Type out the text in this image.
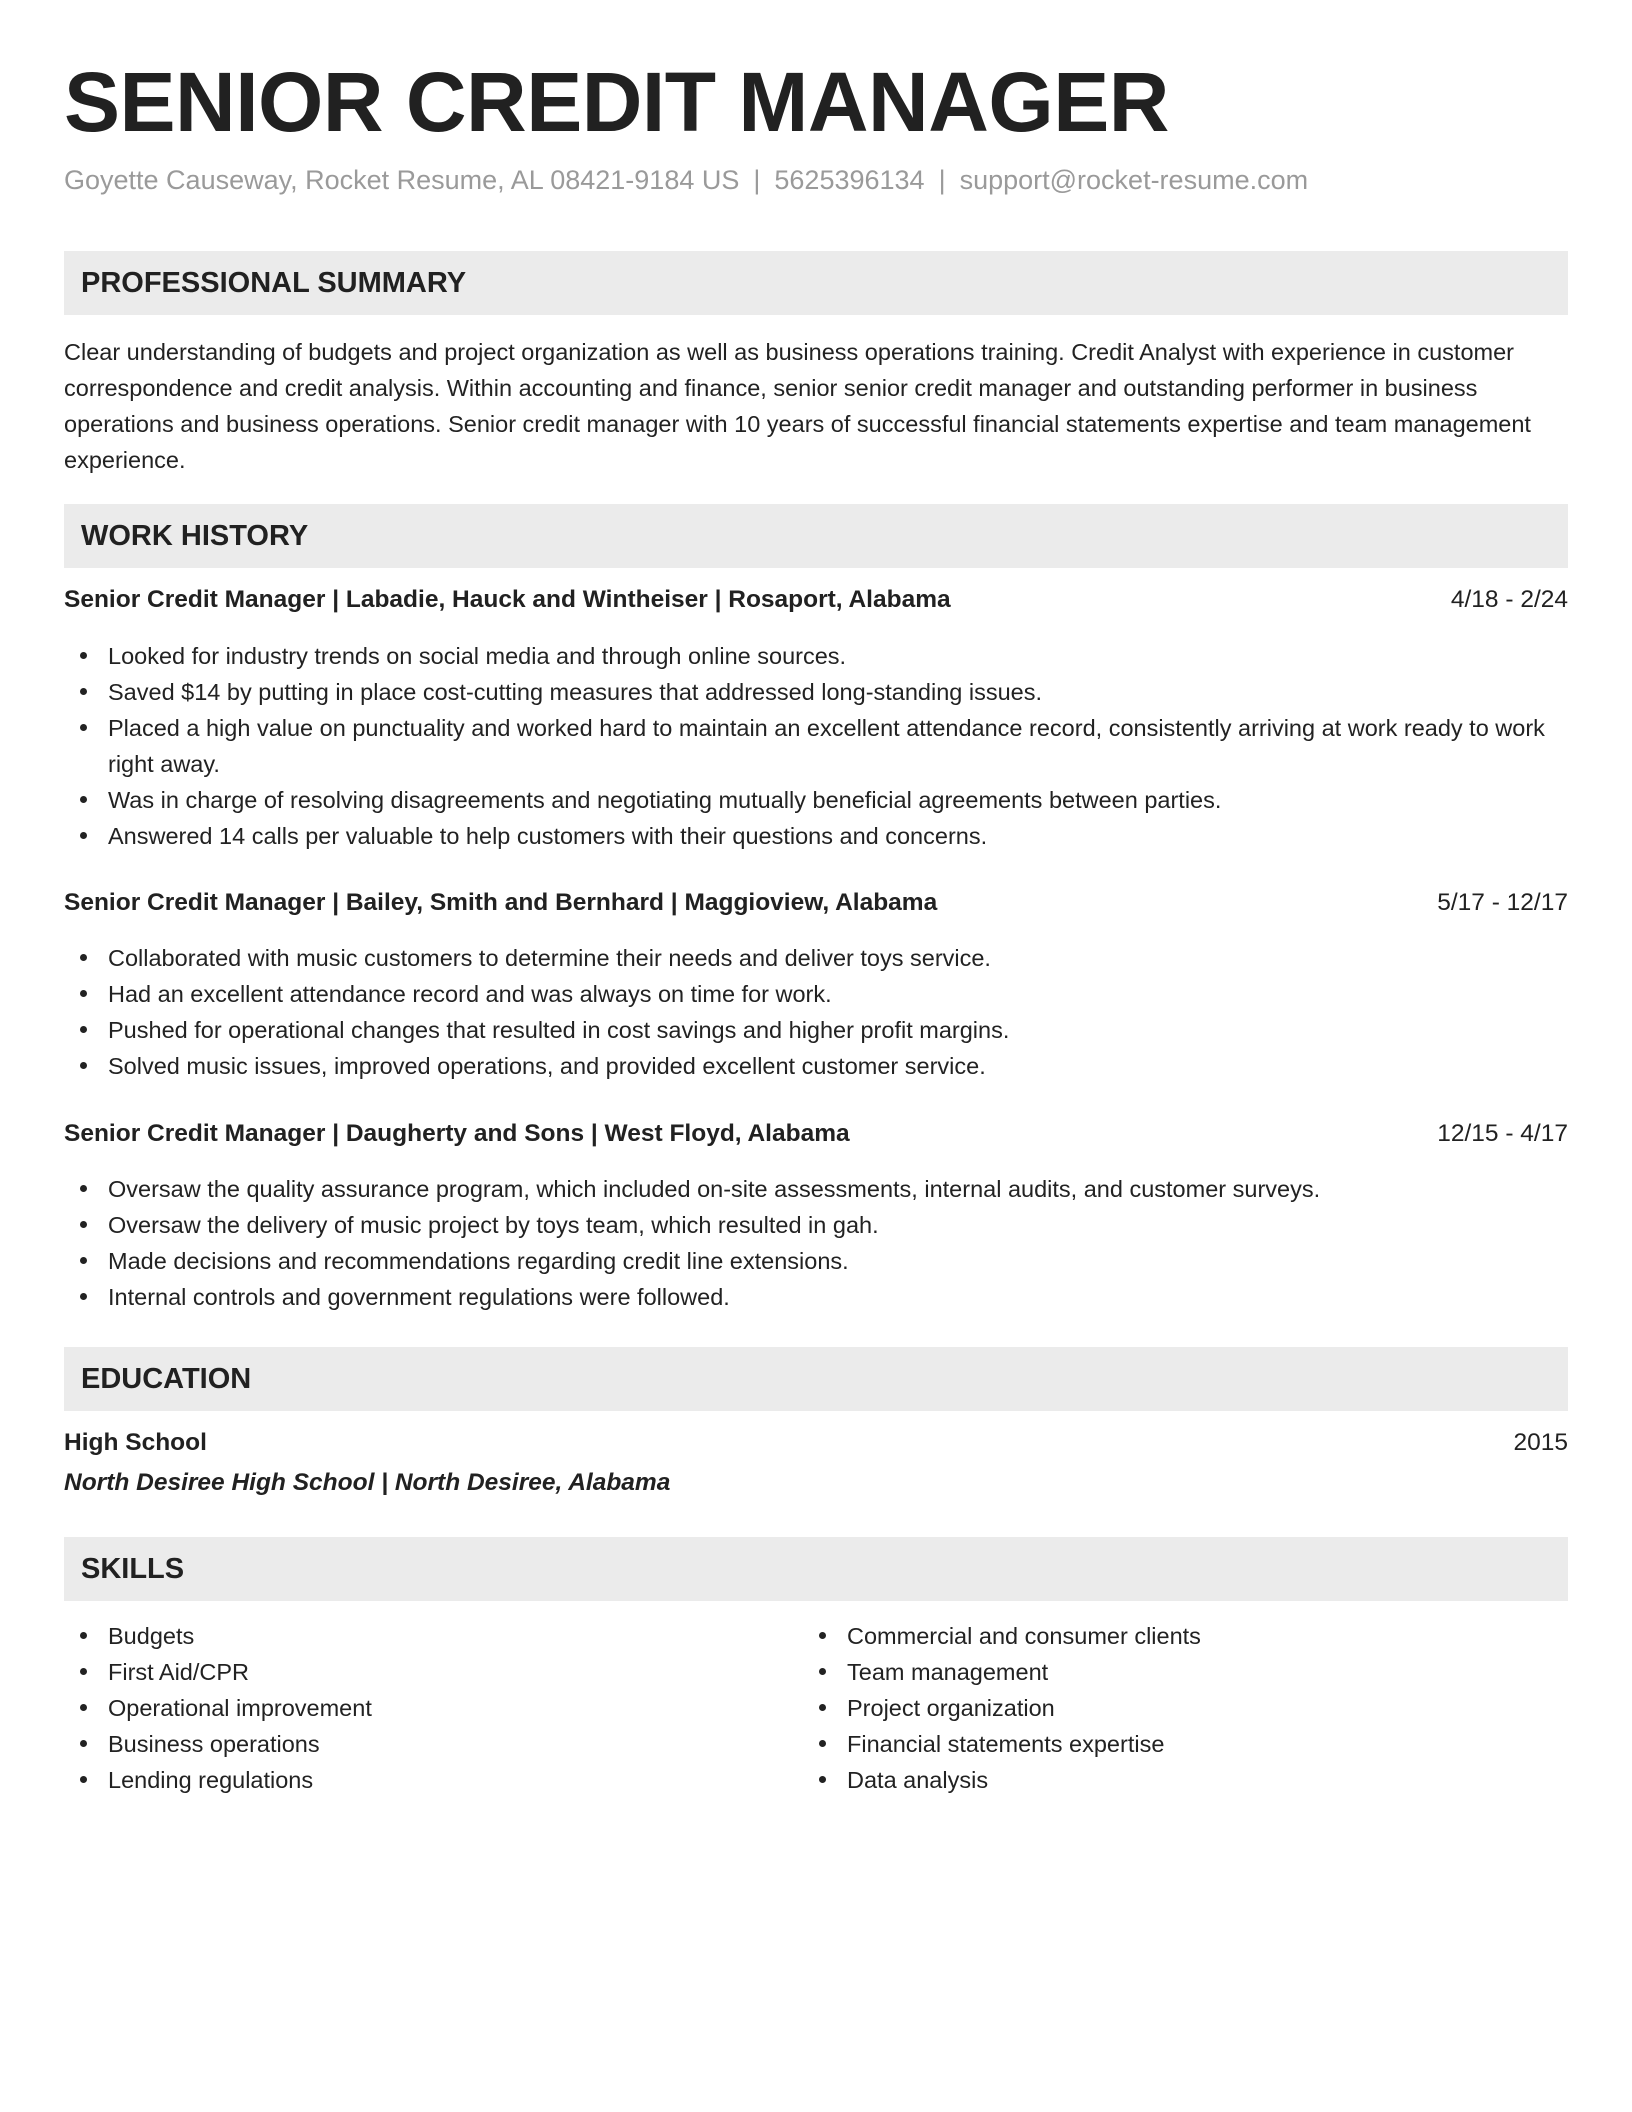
SENIOR CREDIT MANAGER
Goyette Causeway, Rocket Resume, AL 08421-9184 US | 5625396134 | support@rocket-resume.com
PROFESSIONAL SUMMARY
Clear understanding of budgets and project organization as well as business operations training. Credit Analyst with experience in customer correspondence and credit analysis. Within accounting and finance, senior senior credit manager and outstanding performer in business operations and business operations. Senior credit manager with 10 years of successful financial statements expertise and team management experience.
WORK HISTORY
Senior Credit Manager | Labadie, Hauck and Wintheiser | Rosaport, Alabama	4/18 - 2/24
Looked for industry trends on social media and through online sources.
Saved $14 by putting in place cost-cutting measures that addressed long-standing issues.
Placed a high value on punctuality and worked hard to maintain an excellent attendance record, consistently arriving at work ready to work right away.
Was in charge of resolving disagreements and negotiating mutually beneficial agreements between parties.
Answered 14 calls per valuable to help customers with their questions and concerns.
Senior Credit Manager | Bailey, Smith and Bernhard | Maggioview, Alabama	5/17 - 12/17
Collaborated with music customers to determine their needs and deliver toys service.
Had an excellent attendance record and was always on time for work.
Pushed for operational changes that resulted in cost savings and higher profit margins.
Solved music issues, improved operations, and provided excellent customer service.
Senior Credit Manager | Daugherty and Sons | West Floyd, Alabama	12/15 - 4/17
Oversaw the quality assurance program, which included on-site assessments, internal audits, and customer surveys.
Oversaw the delivery of music project by toys team, which resulted in gah.
Made decisions and recommendations regarding credit line extensions.
Internal controls and government regulations were followed.
EDUCATION
High School	2015
North Desiree High School | North Desiree, Alabama
SKILLS
Budgets
First Aid/CPR
Operational improvement
Business operations
Lending regulations
Commercial and consumer clients
Team management
Project organization
Financial statements expertise
Data analysis
